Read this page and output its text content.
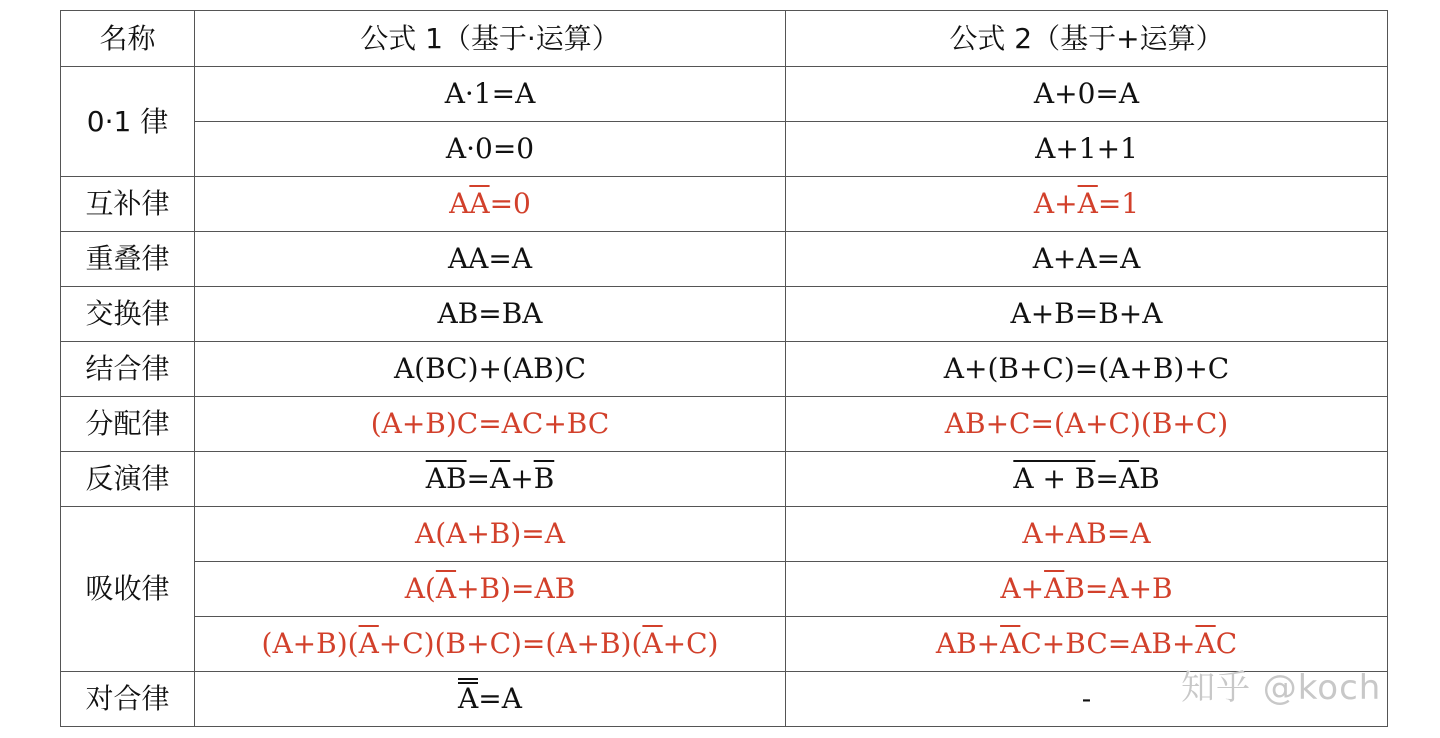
名称	公式 1（基于·运算）	公式 2（基于+运算）
0·1 律	A·1=A	A+0=A
	A·0=0	A+1+1
互补律	$A\overline{A}=0$	$A+\overline{A}=1$
重叠律	AA=A	A+A=A
交换律	AB=BA	A+B=B+A
结合律	A(BC)+(AB)C	A+(B+C)=(A+B)+C
分配律	(A+B)C=AC+BC	AB+C=(A+C)(B+C)
反演律	$\overline{AB}=\overline{A}+\overline{B}$	$A + B=\overline{A}B$
吸收律	A(A+B)=A	A+AB=A
	$A(\overline{A}+B)=AB$	$A+\overline{A}B=A+B$
	$(A+B)(\overline{A}+C)(B+C)=(A+B)(\overline{A}+C)$	$AB+\overline{A}C+BC=AB+\overline{A}C$
对合律	A=A	-	知乎 @koch
